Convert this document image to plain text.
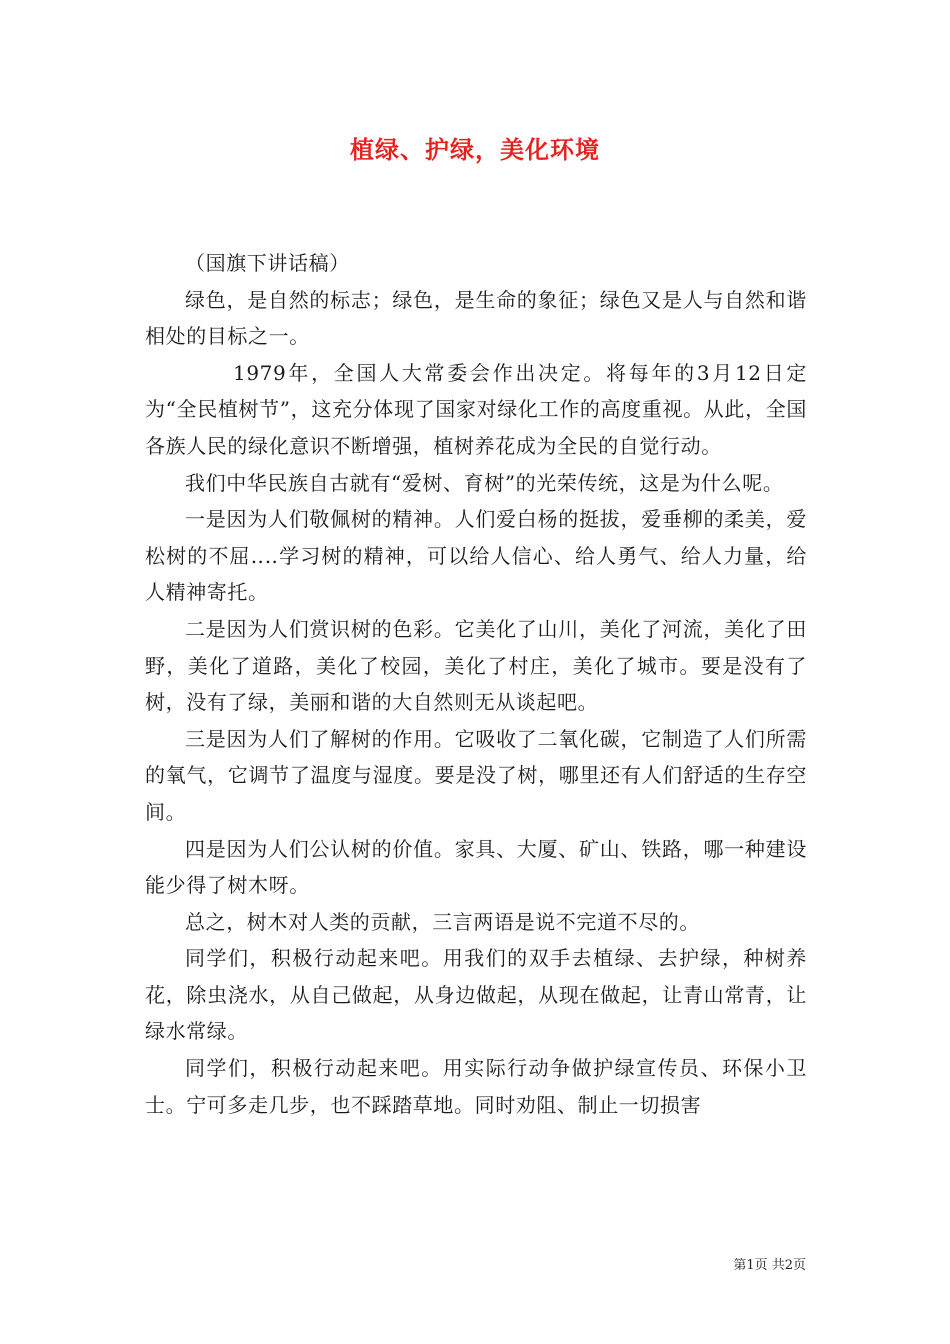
植绿、护绿，美化环境

（国旗下讲话稿）

绿色，是自然的标志；绿色，是生命的象征；绿色又是人与自然和谐相处的目标之一。

1979年，全国人大常委会作出决定。将每年的3月12日定为“全民植树节”，这充分体现了国家对绿化工作的高度重视。从此，全国各族人民的绿化意识不断增强，植树养花成为全民的自觉行动。

我们中华民族自古就有“爱树、育树”的光荣传统，这是为什么呢。

一是因为人们敬佩树的精神。人们爱白杨的挺拔，爱垂柳的柔美，爱松树的不屈‥‥学习树的精神，可以给人信心、给人勇气、给人力量，给人精神寄托。

二是因为人们赏识树的色彩。它美化了山川，美化了河流，美化了田野，美化了道路，美化了校园，美化了村庄，美化了城市。要是没有了树，没有了绿，美丽和谐的大自然则无从谈起吧。

三是因为人们了解树的作用。它吸收了二氧化碳，它制造了人们所需的氧气，它调节了温度与湿度。要是没了树，哪里还有人们舒适的生存空间。

四是因为人们公认树的价值。家具、大厦、矿山、铁路，哪一种建设能少得了树木呀。

总之，树木对人类的贡献，三言两语是说不完道不尽的。

同学们，积极行动起来吧。用我们的双手去植绿、去护绿，种树养花，除虫浇水，从自己做起，从身边做起，从现在做起，让青山常青，让绿水常绿。

同学们，积极行动起来吧。用实际行动争做护绿宣传员、环保小卫士。宁可多走几步，也不踩踏草地。同时劝阻、制止一切损害

第1页 共2页
